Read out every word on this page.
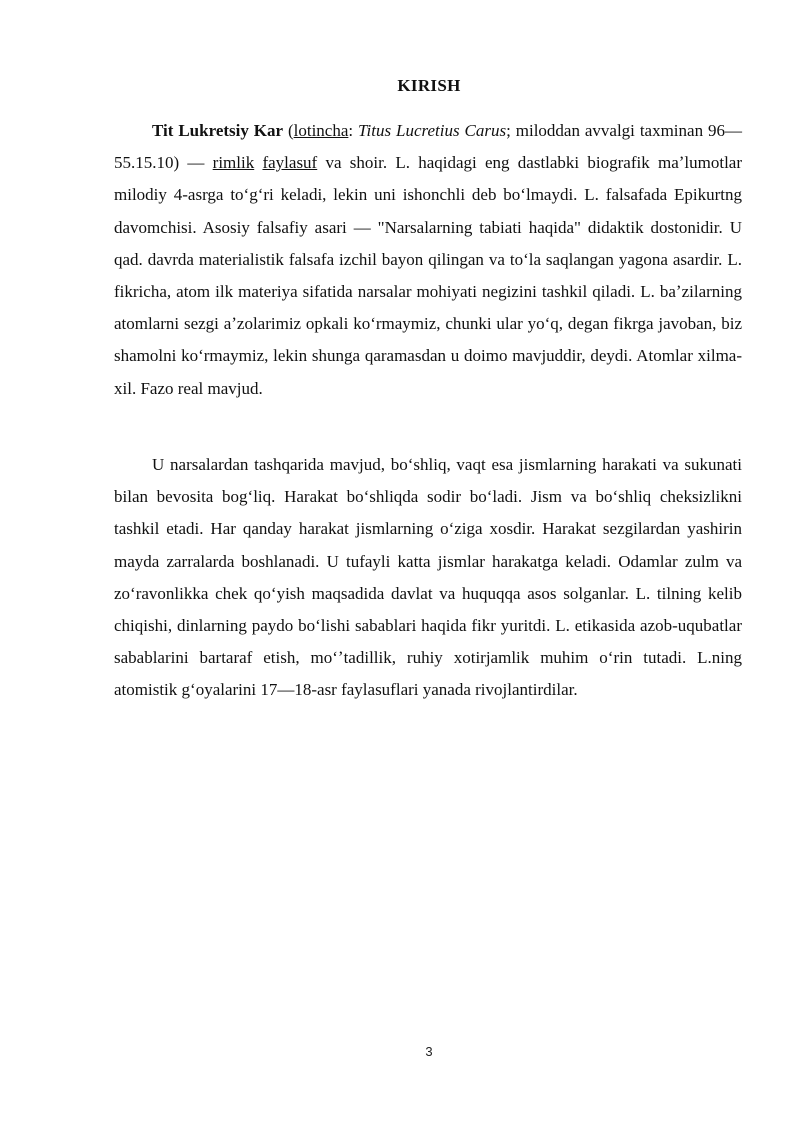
KIRISH

Tit Lukretsiy Kar (lotincha: Titus Lucretius Carus; miloddan avvalgi taxminan 96— 55.15.10) — rimlik faylasuf va shoir. L. haqidagi eng dastlabki biografik maʼlumotlar milodiy 4-asrga toʻgʻri keladi, lekin uni ishonchli deb boʻlmaydi. L. falsafada Epikurtng davomchisi. Asosiy falsafiy asari — "Narsalarning tabiati haqida" didaktik dostonidir. U qad. davrda materialistik falsafa izchil bayon qilingan va toʻla saqlangan yagona asardir. L. fikricha, atom ilk materiya sifatida narsalar mohiyati negizini tashkil qiladi. L. baʼzilarning atomlarni sezgi aʼzolarimiz opkali koʻrmaymiz, chunki ular yoʻq, degan fikrga javoban, biz shamolni koʻrmaymiz, lekin shunga qaramasdan u doimo mavjuddir, deydi. Atomlar xilma-xil. Fazo real mavjud.

U narsalardan tashqarida mavjud, boʻshliq, vaqt esa jismlarning harakati va sukunati bilan bevosita bogʻliq. Harakat boʻshliqda sodir boʻladi. Jism va boʻshliq cheksizlikni tashkil etadi. Har qanday harakat jismlarning oʻziga xosdir. Harakat sezgilardan yashirin mayda zarralarda boshlanadi. U tufayli katta jismlar harakatga keladi. Odamlar zulm va zoʻravonlikka chek qoʻyish maqsadida davlat va huquqqa asos solganlar. L. tilning kelib chiqishi, dinlarning paydo boʻlishi sabablari haqida fikr yuritdi. L. etikasida azob-uqubatlar sabablarini bartaraf etish, moʻʼtadillik, ruhiy xotirjamlik muhim oʻrin tutadi. L.ning atomistik gʻoyalarini 17—18-asr faylasuflari yanada rivojlantirdilar.

3
